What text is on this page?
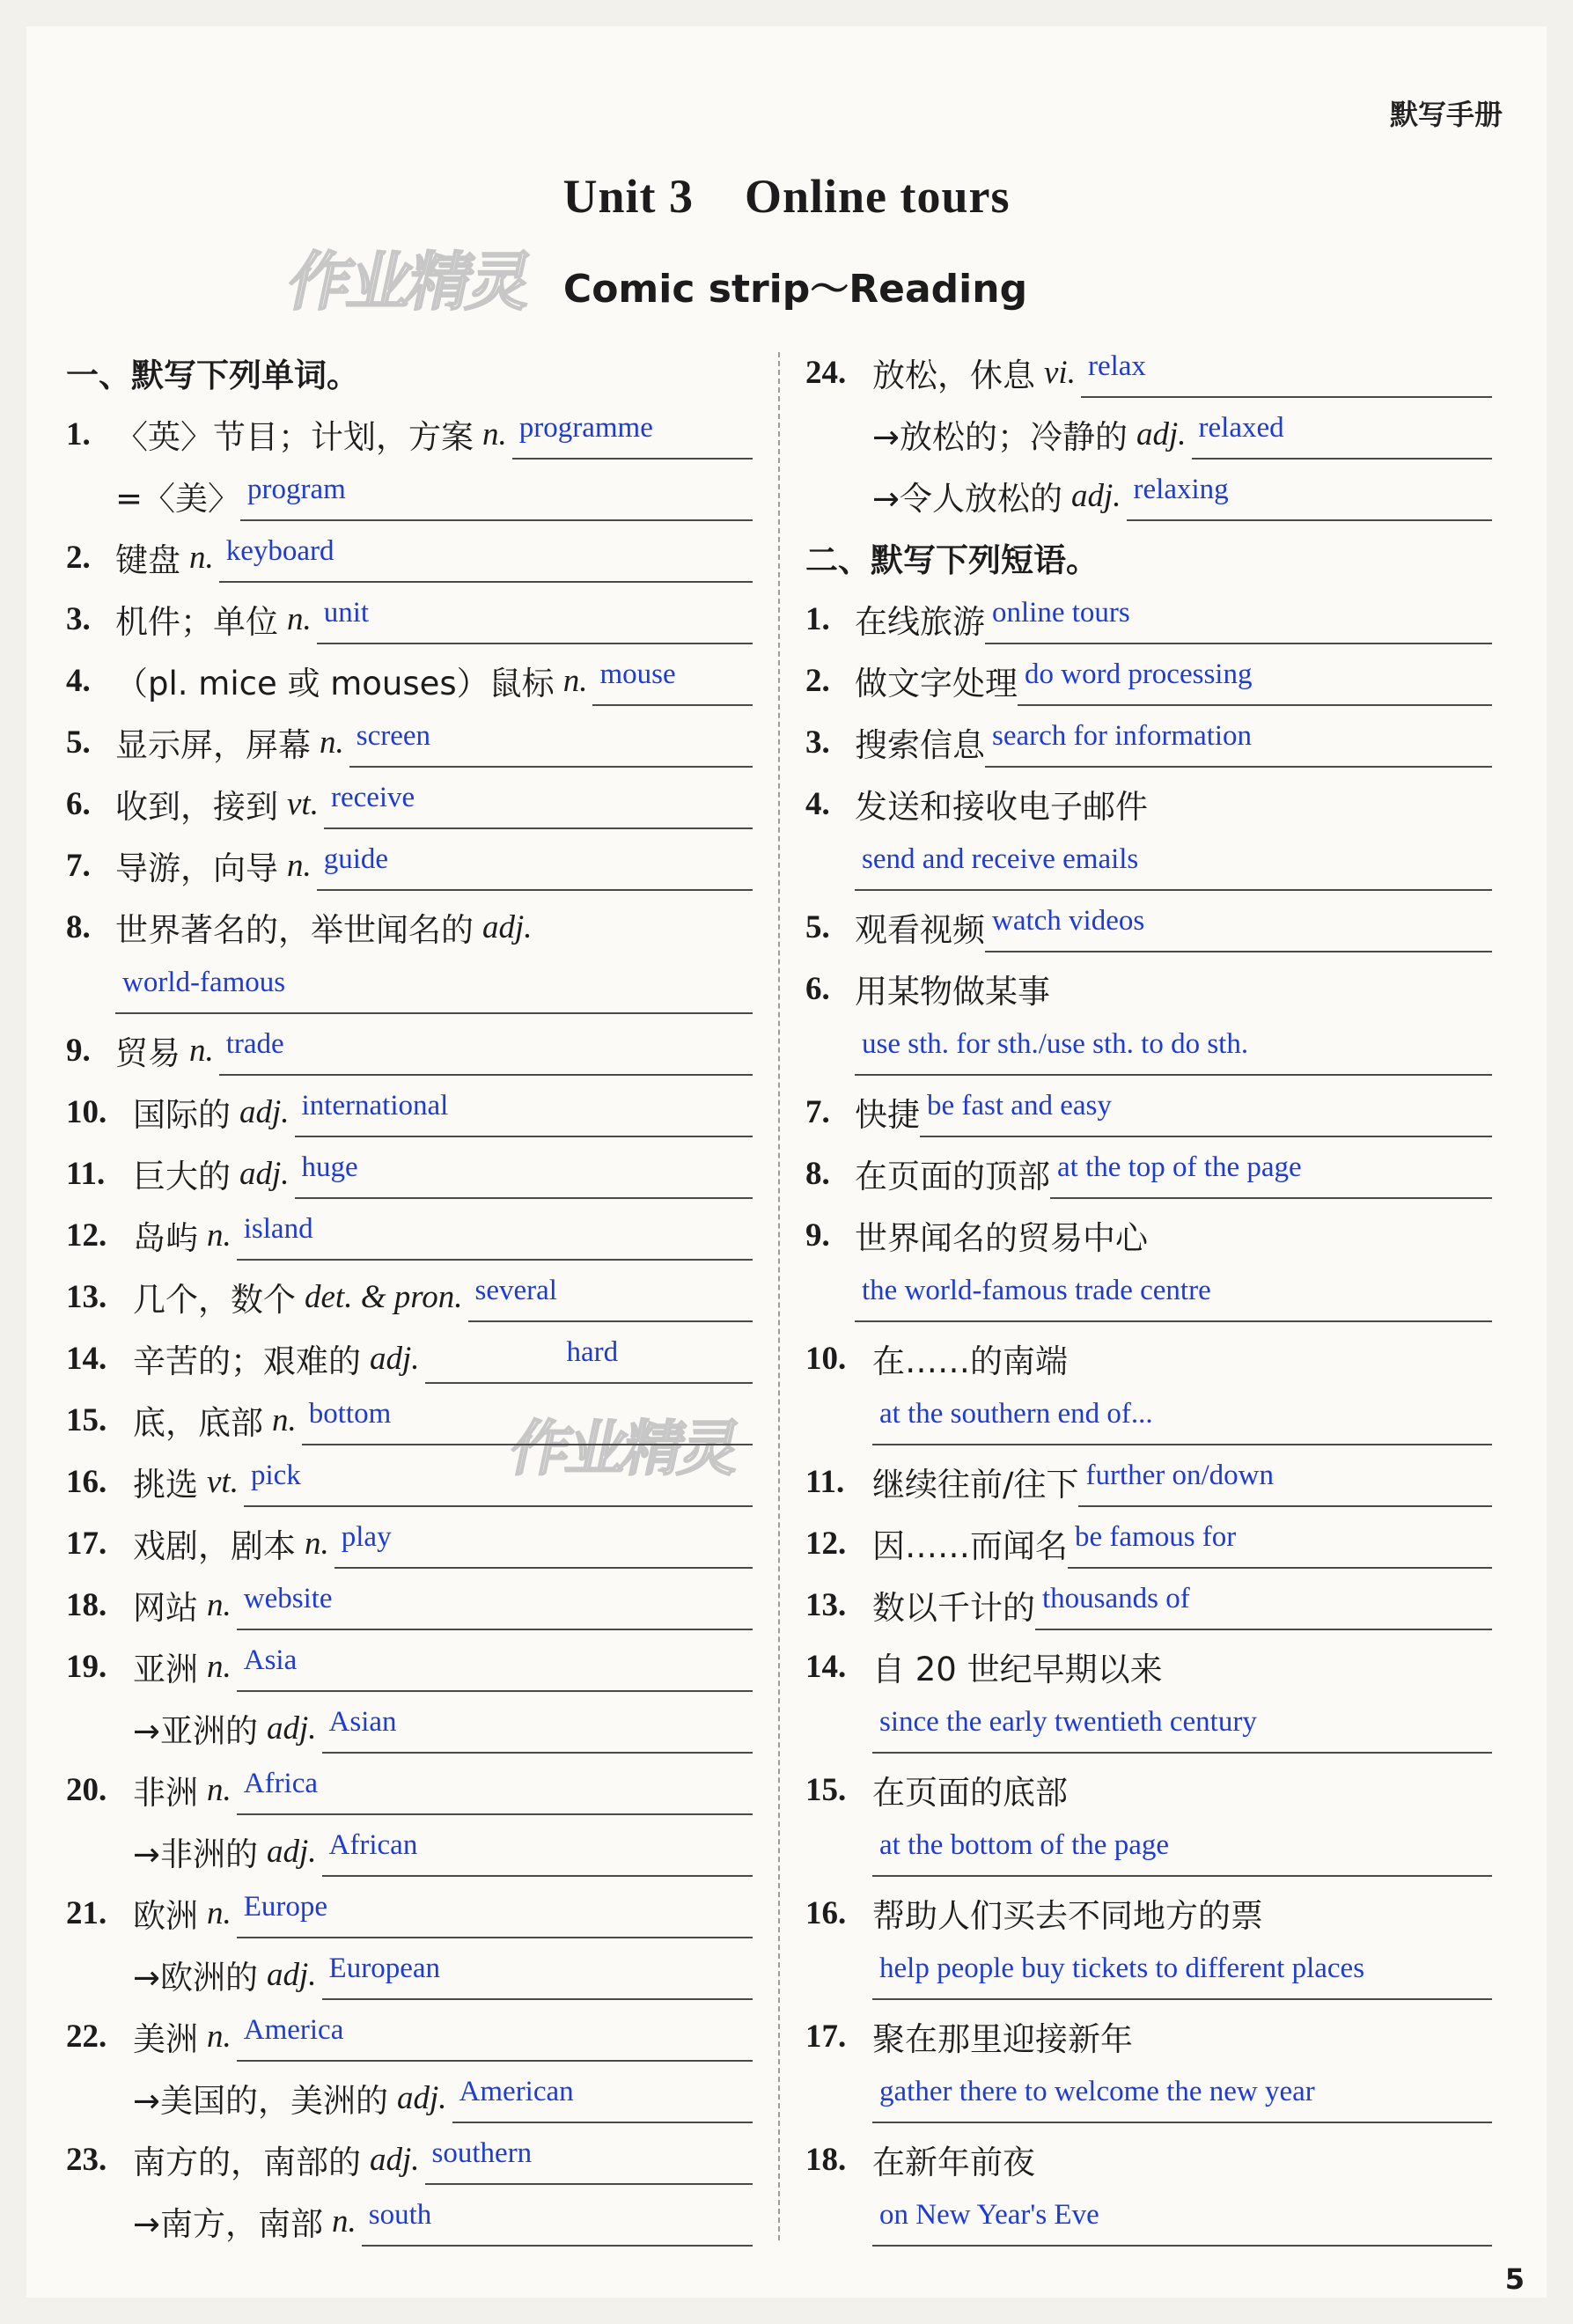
默写手册
Unit 3 Online tours
Comic strip～Reading
作业精灵
作业精灵
一、默写下列单词。
1. 〈英〉节目；计划，方案 n. programme
=〈美〉 program
2. 键盘 n. keyboard
3. 机件；单位 n. unit
4. （pl. mice 或 mouses）鼠标 n. mouse
5. 显示屏，屏幕 n. screen
6. 收到，接到 vt. receive
7. 导游，向导 n. guide
8. 世界著名的，举世闻名的 adj.
world-famous
9. 贸易 n. trade
10. 国际的 adj. international
11. 巨大的 adj. huge
12. 岛屿 n. island
13. 几个，数个 det. & pron. several
14. 辛苦的；艰难的 adj.	hard
15. 底，底部 n. bottom
16. 挑选 vt. pick
17. 戏剧，剧本 n. play
18. 网站 n. website
19. 亚洲 n. Asia
→亚洲的 adj. Asian
20. 非洲 n. Africa
→非洲的 adj. African
21. 欧洲 n. Europe
→欧洲的 adj. European
22. 美洲 n. America
→美国的，美洲的 adj. American
23. 南方的，南部的 adj. southern
→南方，南部 n. south
24. 放松，休息 vi. relax
→放松的；冷静的 adj. relaxed
→令人放松的 adj. relaxing
二、默写下列短语。
1. 在线旅游 online tours
2. 做文字处理 do word processing
3. 搜索信息 search for information
4. 发送和接收电子邮件
send and receive emails
5. 观看视频 watch videos
6. 用某物做某事
use sth. for sth./use sth. to do sth.
7. 快捷 be fast and easy
8. 在页面的顶部 at the top of the page
9. 世界闻名的贸易中心
the world-famous trade centre
10. 在……的南端
at the southern end of...
11. 继续往前/往下 further on/down
12. 因……而闻名 be famous for
13. 数以千计的 thousands of
14. 自 20 世纪早期以来
since the early twentieth century
15. 在页面的底部
at the bottom of the page
16. 帮助人们买去不同地方的票
help people buy tickets to different places
17. 聚在那里迎接新年
gather there to welcome the new year
18. 在新年前夜
on New Year's Eve
5
